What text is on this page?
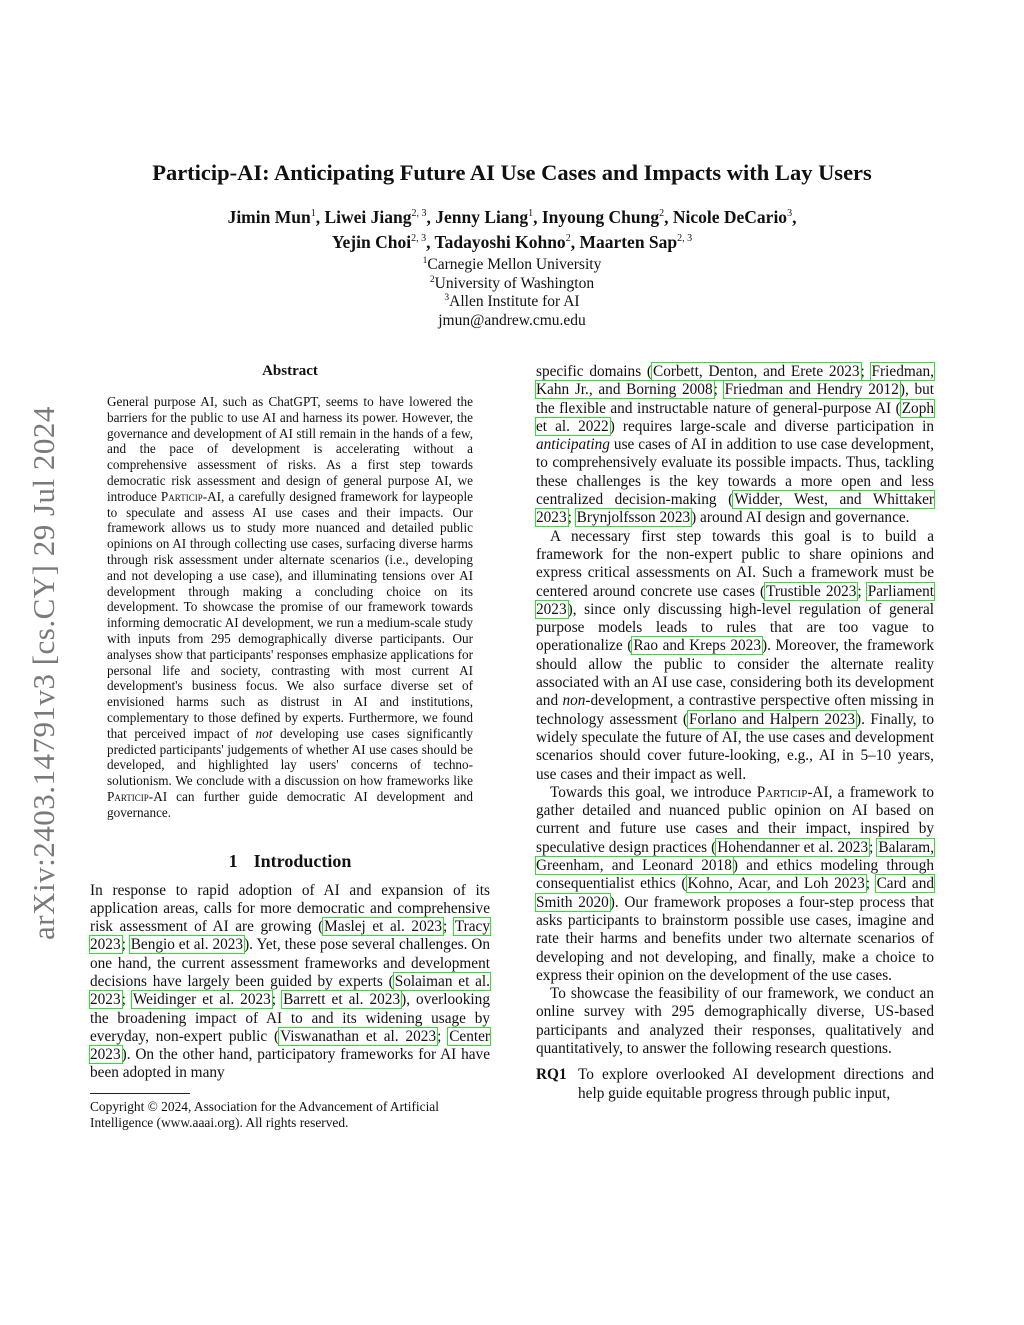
arXiv:2403.14791v3 [cs.CY] 29 Jul 2024
Particip-AI: Anticipating Future AI Use Cases and Impacts with Lay Users
Jimin Mun$^1$, Liwei Jiang$^{2, 3}$, Jenny Liang$^1$, Inyoung Chung$^2$, Nicole DeCario$^3$,
Yejin Choi$^{2, 3}$, Tadayoshi Kohno$^2$, Maarten Sap$^{2, 3}$
$^1$Carnegie Mellon University
$^2$University of Washington
$^3$Allen Institute for AI
jmun@andrew.cmu.edu
Abstract
General purpose AI, such as ChatGPT, seems to have lowered the barriers for the public to use AI and harness its power. However, the governance and development of AI still remain in the hands of a few, and the pace of development is accelerating without a comprehensive assessment of risks. As a first step towards democratic risk assessment and design of general purpose AI, we introduce Particip-AI, a carefully designed framework for laypeople to speculate and assess AI use cases and their impacts. Our framework allows us to study more nuanced and detailed public opinions on AI through collecting use cases, surfacing diverse harms through risk assessment under alternate scenarios (i.e., developing and not developing a use case), and illuminating tensions over AI development through making a concluding choice on its development. To showcase the promise of our framework towards informing democratic AI development, we run a medium-scale study with inputs from 295 demographically diverse participants. Our analyses show that participants' responses emphasize applications for personal life and society, contrasting with most current AI development's business focus. We also surface diverse set of envisioned harms such as distrust in AI and institutions, complementary to those defined by experts. Furthermore, we found that perceived impact of not developing use cases significantly predicted participants' judgements of whether AI use cases should be developed, and highlighted lay users' concerns of techno-solutionism. We conclude with a discussion on how frameworks like Particip-AI can further guide democratic AI development and governance.
1 Introduction

In response to rapid adoption of AI and expansion of its application areas, calls for more democratic and comprehensive risk assessment of AI are growing (Maslej et al. 2023; Tracy 2023; Bengio et al. 2023). Yet, these pose several challenges. On one hand, the current assessment frameworks and development decisions have largely been guided by experts (Solaiman et al. 2023; Weidinger et al. 2023; Barrett et al. 2023), overlooking the broadening impact of AI to and its widening usage by everyday, non-expert public (Viswanathan et al. 2023; Center 2023). On the other hand, participatory frameworks for AI have been adopted in many

Copyright © 2024, Association for the Advancement of Artificial Intelligence (www.aaai.org). All rights reserved.

specific domains (Corbett, Denton, and Erete 2023; Friedman, Kahn Jr., and Borning 2008; Friedman and Hendry 2012), but the flexible and instructable nature of general-purpose AI (Zoph et al. 2022) requires large-scale and diverse participation in anticipating use cases of AI in addition to use case development, to comprehensively evaluate its possible impacts. Thus, tackling these challenges is the key towards a more open and less centralized decision-making (Widder, West, and Whittaker 2023; Brynjolfsson 2023) around AI design and governance.

A necessary first step towards this goal is to build a framework for the non-expert public to share opinions and express critical assessments on AI. Such a framework must be centered around concrete use cases (Trustible 2023; Parliament 2023), since only discussing high-level regulation of general purpose models leads to rules that are too vague to operationalize (Rao and Kreps 2023). Moreover, the framework should allow the public to consider the alternate reality associated with an AI use case, considering both its development and non-development, a contrastive perspective often missing in technology assessment (Forlano and Halpern 2023). Finally, to widely speculate the future of AI, the use cases and development scenarios should cover future-looking, e.g., AI in 5–10 years, use cases and their impact as well.

Towards this goal, we introduce Particip-AI, a framework to gather detailed and nuanced public opinion on AI based on current and future use cases and their impact, inspired by speculative design practices (Hohendanner et al. 2023; Balaram, Greenham, and Leonard 2018) and ethics modeling through consequentialist ethics (Kohno, Acar, and Loh 2023; Card and Smith 2020). Our framework proposes a four-step process that asks participants to brainstorm possible use cases, imagine and rate their harms and benefits under two alternate scenarios of developing and not developing, and finally, make a choice to express their opinion on the development of the use cases.

To showcase the feasibility of our framework, we conduct an online survey with 295 demographically diverse, US-based participants and analyzed their responses, qualitatively and quantitatively, to answer the following research questions.

RQ1 To explore overlooked AI development directions and help guide equitable progress through public input,
